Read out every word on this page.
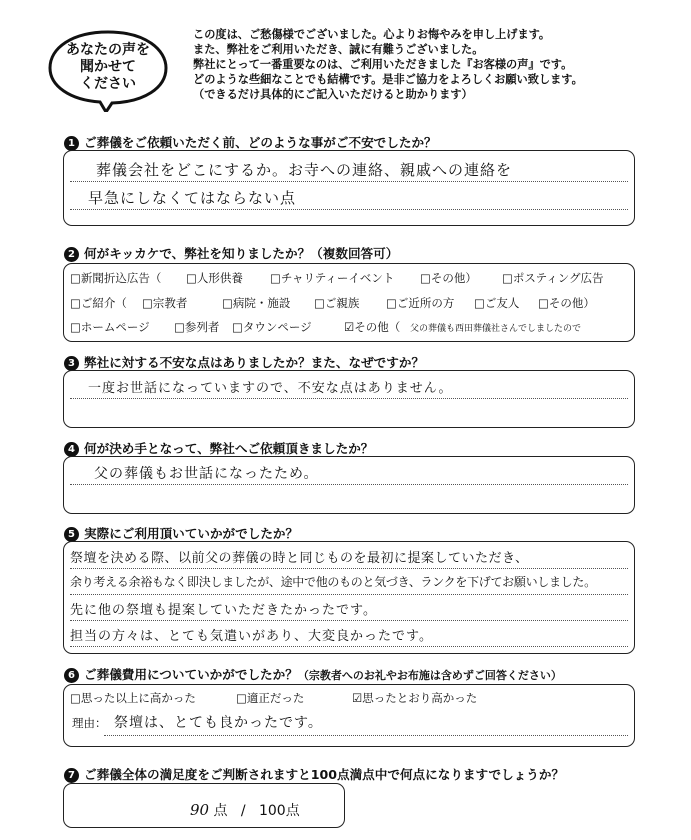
あなたの声を
聞かせて
ください
この度は、ご愁傷様でございました。心よりお悔やみを申し上げます。
また、弊社をご利用いただき、誠に有難うございました。
弊社にとって一番重要なのは、ご利用いただきました『お客様の声』です。
どのような些細なことでも結構です。是非ご協力をよろしくお願い致します。
（できるだけ具体的にご記入いただけると助かります）
1 ご葬儀をご依頼いただく前、どのような事がご不安でしたか？
葬儀会社をどこにするか。お寺への連絡、親戚への連絡を
早急にしなくてはならない点
2 何がキッカケで、弊社を知りましたか？（複数回答可）
□新聞折込広告（ □人形供養 □チャリティーイベント □その他） □ポスティング広告
□ご紹介（ □宗教者	□病院・施設 □ご親族 □ご近所の方 □ご友人 □その他）
□ホームページ □参列者 □タウンページ	☑その他（ 父の葬儀も西田葬儀社さんでしましたので
3 弊社に対する不安な点はありましたか？また、なぜですか？
一度お世話になっていますので、不安な点はありません。
4 何が決め手となって、弊社へご依頼頂きましたか？
父の葬儀もお世話になったため。
5 実際にご利用頂いていかがでしたか？
祭壇を決める際、以前父の葬儀の時と同じものを最初に提案していただき、
余り考える余裕もなく即決しましたが、途中で他のものと気づき、ランクを下げてお願いしました。
先に他の祭壇も提案していただきたかったです。
担当の方々は、とても気遣いがあり、大変良かったです。
6 ご葬儀費用についていかがでしたか？（宗教者へのお礼やお布施は含めずご回答ください）
□思った以上に高かった	□適正だった	☑思ったとおり高かった
理由： 祭壇は、とても良かったです。
7 ご葬儀全体の満足度をご判断されますと100点満点中で何点になりますでしょうか？
90 点 / 100点
